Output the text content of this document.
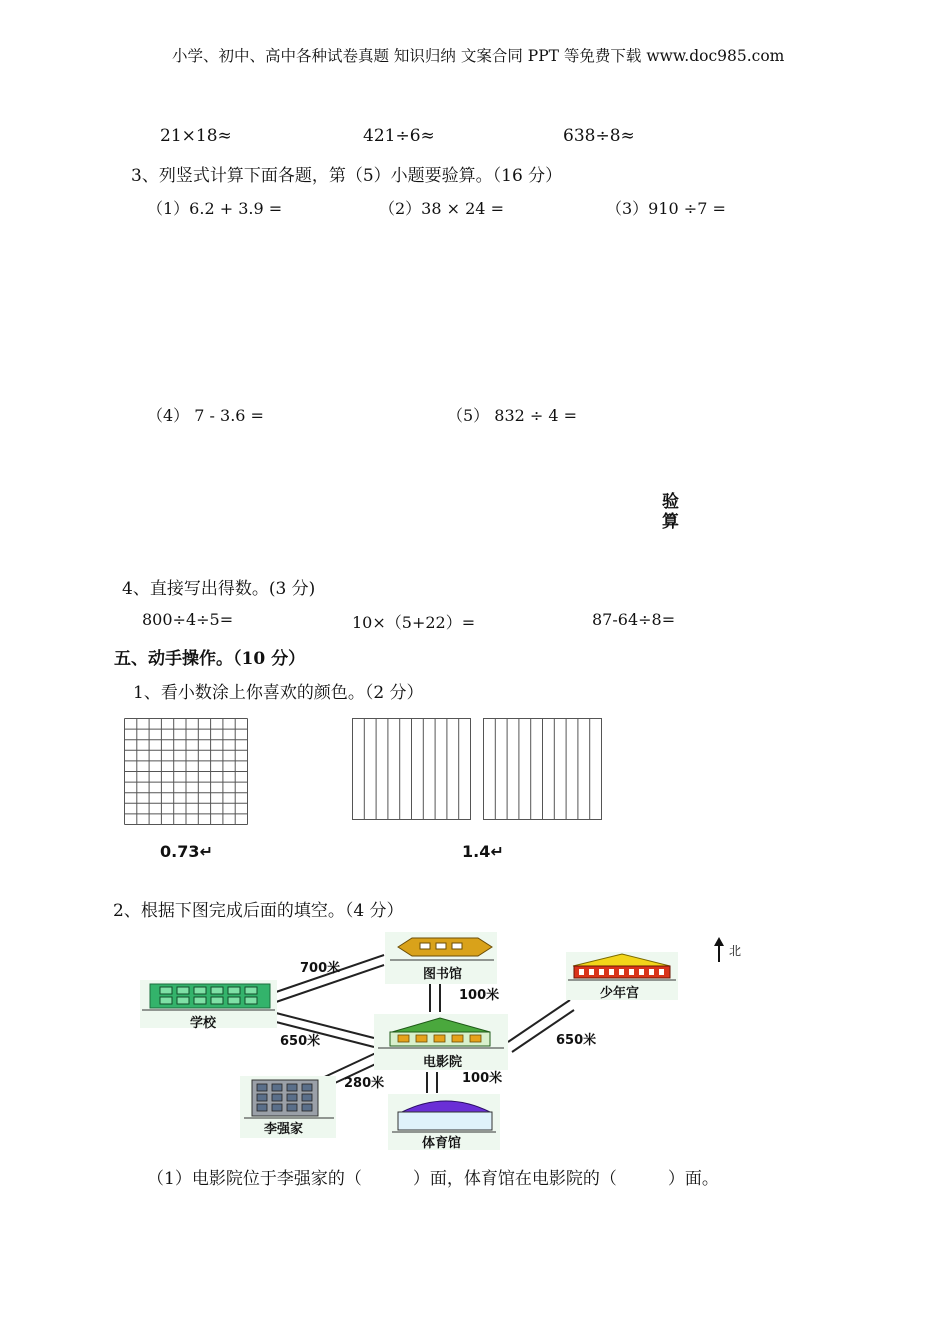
小学、初中、高中各种试卷真题 知识归纳 文案合同 PPT 等免费下载 www.doc985.com
21×18≈	421÷6≈	638÷8≈
3、列竖式计算下面各题，第（5）小题要验算。（16 分）
（1）6.2 + 3.9 =	（2）38 × 24 =	（3）910 ÷7 =
（4） 7 - 3.6 =	（5） 832 ÷ 4 =
验
算
4、直接写出得数。(3 分)
800÷4÷5=	10×（5+22）=	87-64÷8=
五、动手操作。（10 分）
1、看小数涂上你喜欢的颜色。（2 分）
0.73↵	1.4↵
2、根据下图完成后面的填空。（4 分）
700米
100米
650米	650米
280米	100米
北
学校
图书馆
少年宫
电影院
李强家
体育馆
（1）电影院位于李强家的（　　　）面，体育馆在电影院的（　　　）面。
